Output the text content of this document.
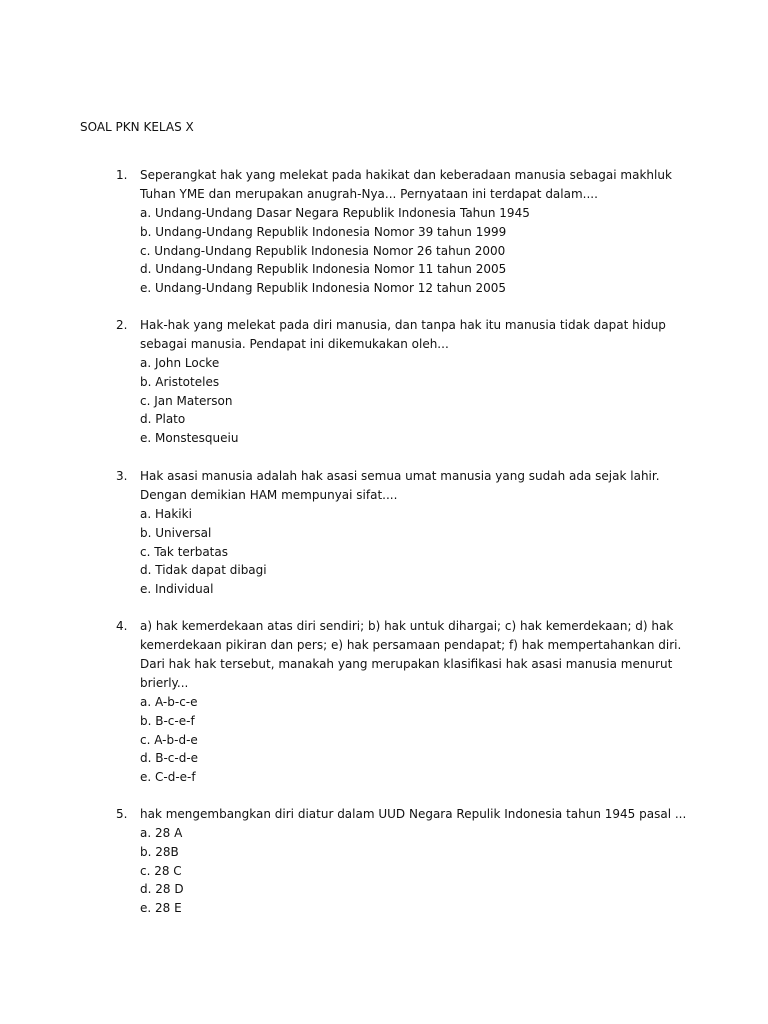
SOAL PKN KELAS X
1.	Seperangkat hak yang melekat pada hakikat dan keberadaan manusia sebagai makhluk Tuhan YME dan merupakan anugrah-Nya... Pernyataan ini terdapat dalam....

a. Undang-Undang Dasar Negara Republik Indonesia Tahun 1945
b. Undang-Undang Republik Indonesia Nomor 39 tahun 1999
c. Undang-Undang Republik Indonesia Nomor 26 tahun 2000
d. Undang-Undang Republik Indonesia Nomor 11 tahun 2005
e. Undang-Undang Republik Indonesia Nomor 12 tahun 2005
2.	Hak-hak yang melekat pada diri manusia, dan tanpa hak itu manusia tidak dapat hidup sebagai manusia. Pendapat ini dikemukakan oleh...

a. John Locke
b. Aristoteles
c. Jan Materson
d. Plato
e. Monstesqueiu
3.	Hak asasi manusia adalah hak asasi semua umat manusia yang sudah ada sejak lahir. Dengan demikian HAM mempunyai sifat....

a. Hakiki
b. Universal
c. Tak terbatas
d. Tidak dapat dibagi
e. Individual
4.	a) hak kemerdekaan atas diri sendiri; b) hak untuk dihargai; c) hak kemerdekaan; d) hak kemerdekaan pikiran dan pers; e) hak persamaan pendapat; f) hak mempertahankan diri. Dari hak hak tersebut, manakah yang merupakan klasifikasi hak asasi manusia menurut brierly...

a. A-b-c-e
b. B-c-e-f
c. A-b-d-e
d. B-c-d-e
e. C-d-e-f
5.	hak mengembangkan diri diatur dalam UUD Negara Repulik Indonesia tahun 1945 pasal ...

a. 28 A
b. 28B
c. 28 C
d. 28 D
e. 28 E
